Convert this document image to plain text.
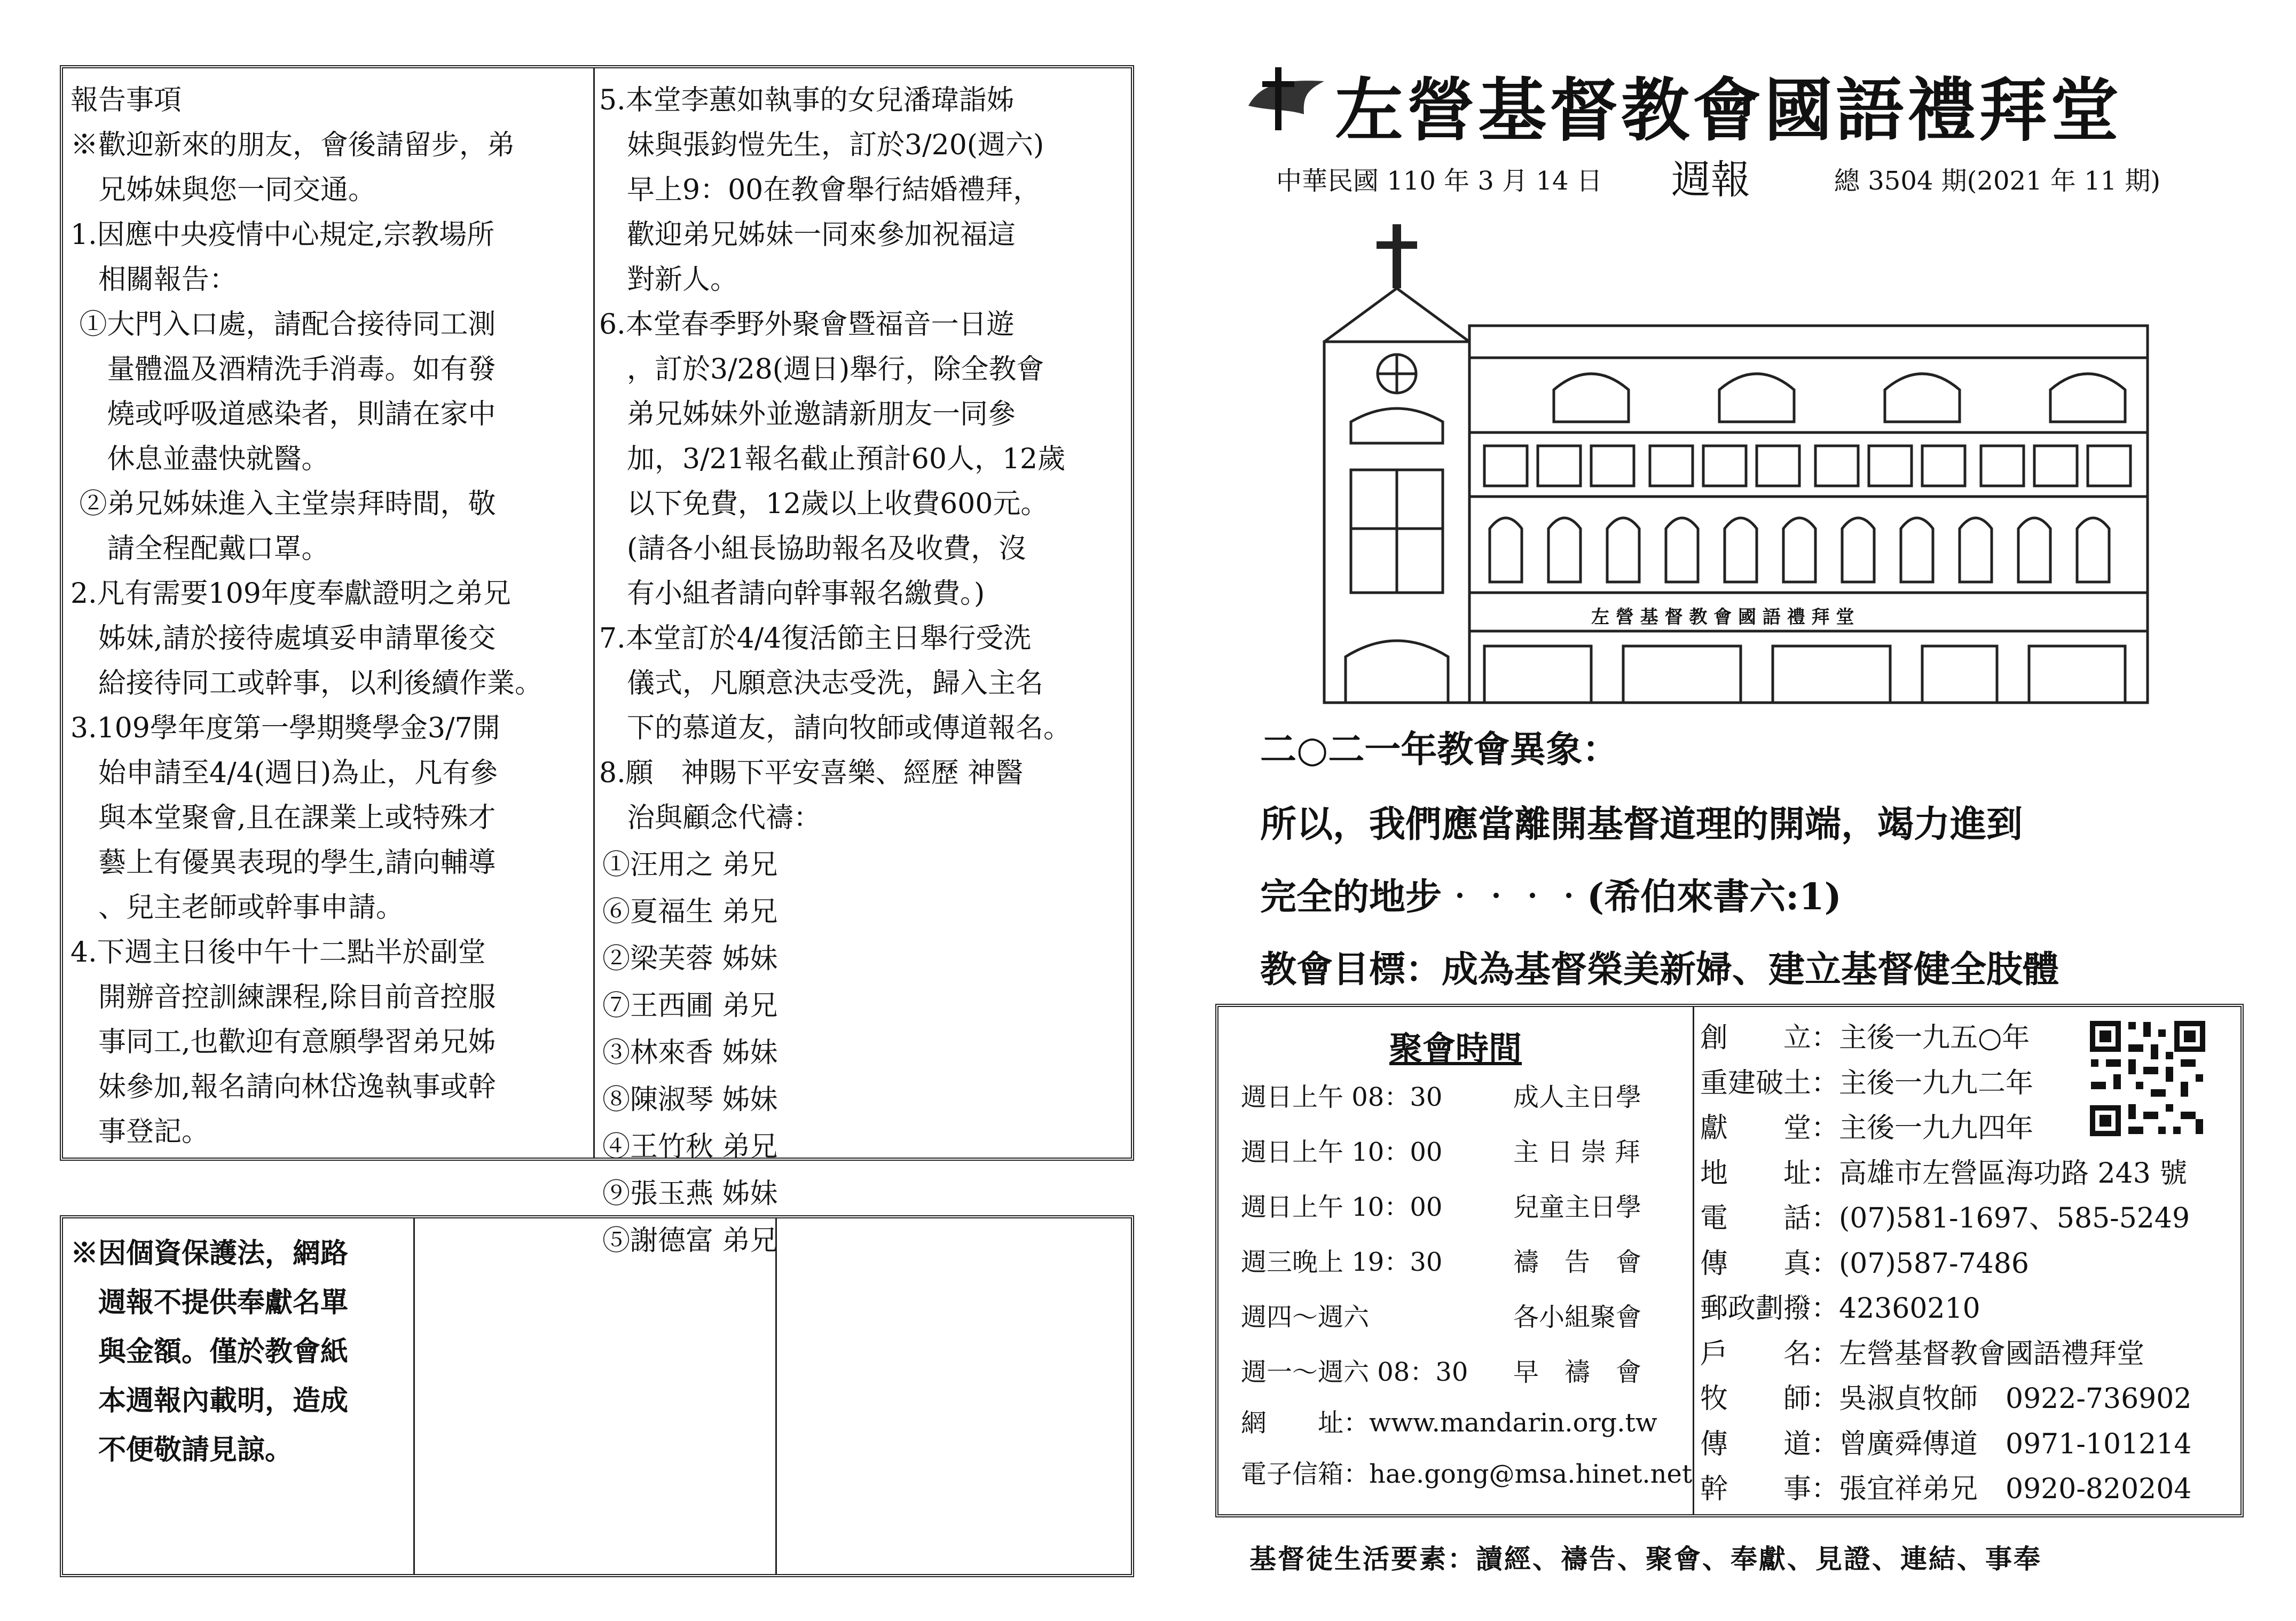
報告事項
※歡迎新來的朋友，會後請留步，弟
　兄姊妹與您一同交通。
1.因應中央疫情中心規定,宗教場所
　相關報告：
①大門入口處，請配合接待同工測
　 量體溫及酒精洗手消毒。如有發
　 燒或呼吸道感染者，則請在家中
　 休息並盡快就醫。
②弟兄姊妹進入主堂崇拜時間，敬
　 請全程配戴口罩。
2.凡有需要109年度奉獻證明之弟兄
　姊妹,請於接待處填妥申請單後交
　給接待同工或幹事，以利後續作業。
3.109學年度第一學期獎學金3/7開
　始申請至4/4(週日)為止，凡有參
　與本堂聚會,且在課業上或特殊才
　藝上有優異表現的學生,請向輔導
　、兒主老師或幹事申請。
4.下週主日後中午十二點半於副堂
　開辦音控訓練課程,除目前音控服
　事同工,也歡迎有意願學習弟兄姊
　妹參加,報名請向林岱逸執事或幹
　事登記。
5.本堂李蕙如執事的女兒潘瑋詣姊
　妹與張鈞愷先生，訂於3/20(週六)
　早上9：00在教會舉行結婚禮拜，
　歡迎弟兄姊妹一同來參加祝福這
　對新人。
6.本堂春季野外聚會暨福音一日遊
　，訂於3/28(週日)舉行，除全教會
　弟兄姊妹外並邀請新朋友一同參
　加，3/21報名截止預計60人，12歲
　以下免費，12歲以上收費600元。
　(請各小組長協助報名及收費，沒
　有小組者請向幹事報名繳費。)
7.本堂訂於4/4復活節主日舉行受洗
　儀式，凡願意決志受洗，歸入主名
　下的慕道友，請向牧師或傳道報名。
8.願　神賜下平安喜樂、經歷 神醫
　治與顧念代禱：
①汪用之 弟兄⑥夏福生 弟兄
②梁芙蓉 姊妹⑦王西圃 弟兄
③林來香 姊妹⑧陳淑琴 姊妹
④王竹秋 弟兄⑨張玉燕 姊妹
⑤謝德富 弟兄
※因個資保護法，網路
　週報不提供奉獻名單
　與金額。僅於教會紙
　本週報內載明，造成
　不便敬請見諒。
左營基督教會國語禮拜堂
中華民國 110 年 3 月 14 日 週報	總 3504 期(2021 年 11 期)
左 營 基 督 教 會 國 語 禮 拜 堂
二○二一年教會異象：
所以，我們應當離開基督道理的開端，竭力進到
完全的地步‧‧‧‧(希伯來書六:1)
教會目標：成為基督榮美新婦、建立基督健全肢體
聚會時間
週日上午 08：30	成人主日學
週日上午 10：00	主 日 崇 拜
週日上午 10：00	兒童主日學
週三晚上 19：30	禱　告　會
週四～週六	各小組聚會
週一～週六 08：30 早　禱　會
網　　址：www.mandarin.org.tw
電子信箱：hae.gong@msa.hinet.net
創　　立：主後一九五○年
重建破土：主後一九九二年
獻　　堂：主後一九九四年
地　　址：高雄市左營區海功路 243 號
電　　話：(07)581-1697、585-5249
傳　　真：(07)587-7486
郵政劃撥：42360210
戶　　名：左營基督教會國語禮拜堂
牧　　師：吳淑貞牧師　0922-736902
傳　　道：曾廣舜傳道　0971-101214
幹　　事：張宜祥弟兄　0920-820204
基督徒生活要素：讀經、禱告、聚會、奉獻、見證、連結、事奉
